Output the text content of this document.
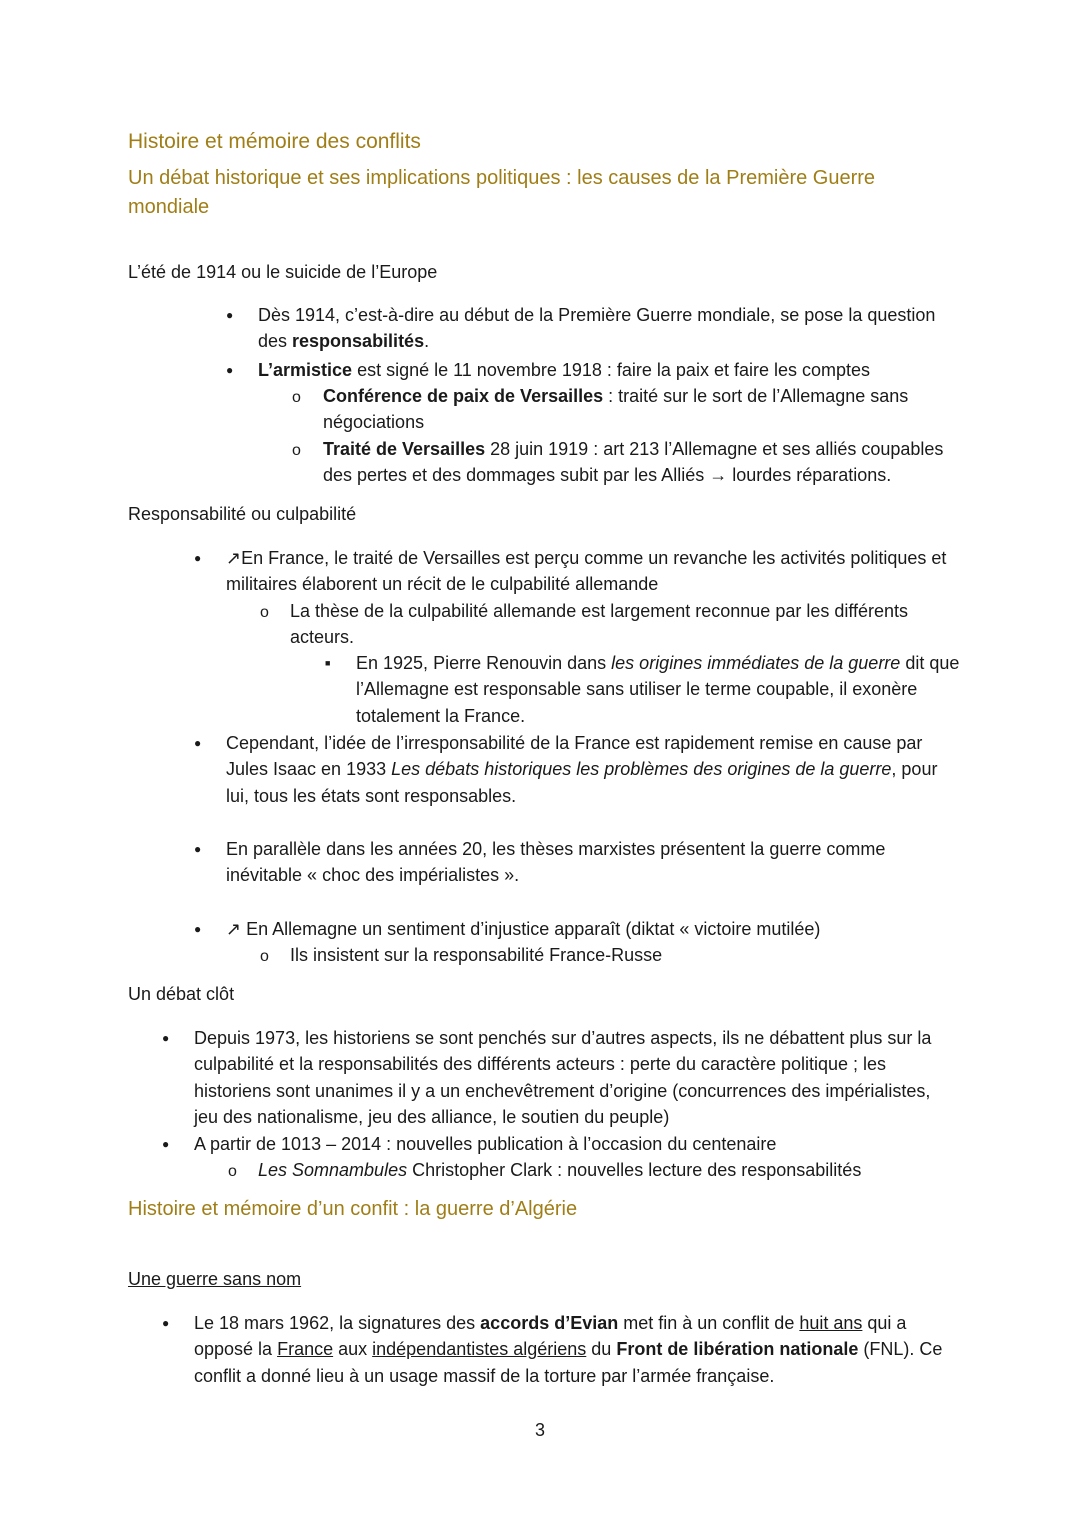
Histoire et mémoire des conflits
Un débat historique et ses implications politiques : les causes de la Première Guerre mondiale
L’été de 1914 ou le suicide de l’Europe
●
Dès 1914, c’est-à-dire au début de la Première Guerre mondiale, se pose la question des responsabilités.
●
L’armistice est signé le 11 novembre 1918 : faire la paix et faire les comptes
o
Conférence de paix de Versailles : traité sur le sort de l’Allemagne sans négociations
o
Traité de Versailles 28 juin 1919 : art 213 l’Allemagne et ses alliés coupables des pertes et des dommages subit par les Alliés → lourdes réparations.
Responsabilité ou culpabilité
●
↗En France, le traité de Versailles est perçu comme un revanche les activités politiques et militaires élaborent un récit de le culpabilité allemande
o
La thèse de la culpabilité allemande est largement reconnue par les différents acteurs.
■
En 1925, Pierre Renouvin dans les origines immédiates de la guerre dit que l’Allemagne est responsable sans utiliser le terme coupable, il exonère totalement la France.
●
Cependant, l’idée de l’irresponsabilité de la France est rapidement remise en cause par Jules Isaac en 1933 Les débats historiques les problèmes des origines de la guerre, pour lui, tous les états sont responsables.
●
En parallèle dans les années 20, les thèses marxistes présentent la guerre comme inévitable « choc des impérialistes ».
●
↗ En Allemagne un sentiment d’injustice apparaît (diktat « victoire mutilée)
o
Ils insistent sur la responsabilité France-Russe
Un débat clôt
●
Depuis 1973, les historiens se sont penchés sur d’autres aspects, ils ne débattent plus sur la culpabilité et la responsabilités des différents acteurs : perte du caractère politique ; les historiens sont unanimes il y a un enchevêtrement d’origine (concurrences des impérialistes, jeu des nationalisme, jeu des alliance, le soutien du peuple)
●
A partir de 1013 – 2014 : nouvelles publication à l’occasion du centenaire
o
Les Somnambules Christopher Clark : nouvelles lecture des responsabilités
Histoire et mémoire d’un confit : la guerre d’Algérie
Une guerre sans nom
●
Le 18 mars 1962, la signatures des accords d’Evian met fin à un conflit de huit ans qui a opposé la France aux indépendantistes algériens du Front de libération nationale (FNL). Ce conflit a donné lieu à un usage massif de la torture par l’armée française.
3
